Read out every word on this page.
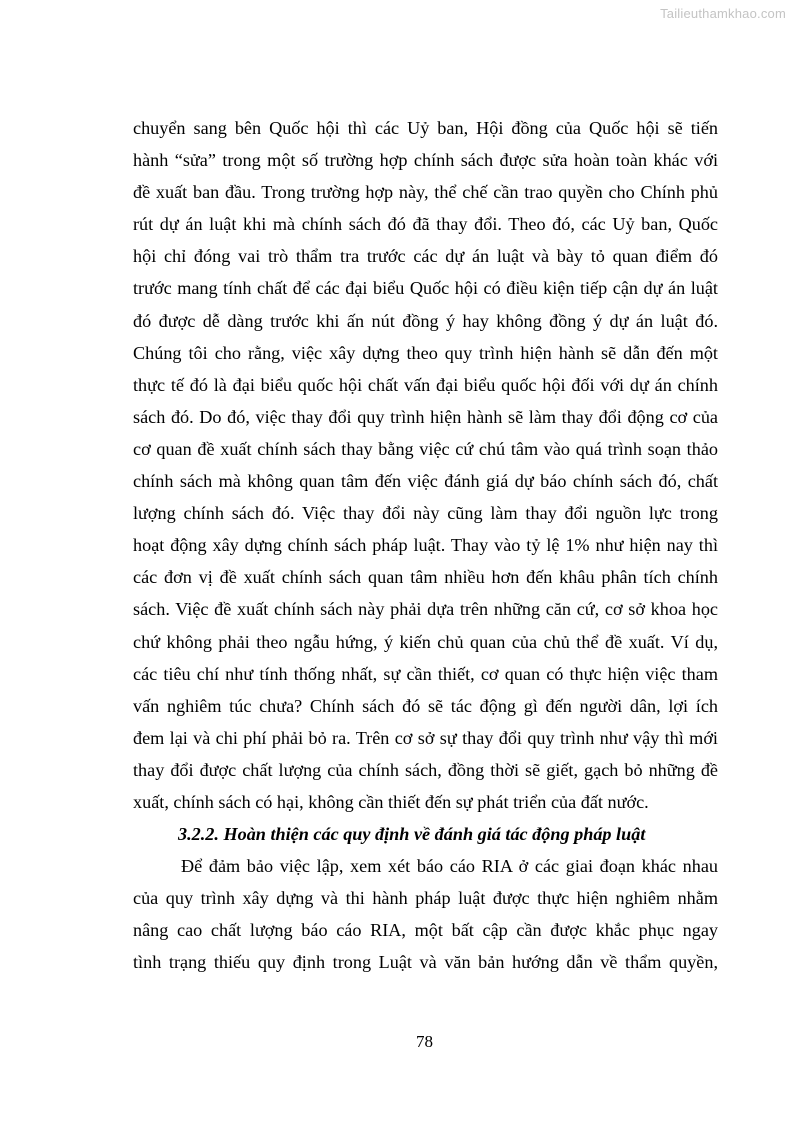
Tailieuthamkhao.com
chuyển sang bên Quốc hội thì các Uỷ ban, Hội đồng của Quốc hội sẽ tiến
hành “sửa” trong một số trường hợp chính sách được sửa hoàn toàn khác với
đề xuất ban đầu. Trong trường hợp này, thể chế cần trao quyền cho Chính phủ
rút dự án luật khi mà chính sách đó đã thay đổi. Theo đó, các Uỷ ban, Quốc
hội chỉ đóng vai trò thẩm tra trước các dự án luật và bày tỏ quan điểm đó
trước mang tính chất để các đại biểu Quốc hội có điều kiện tiếp cận dự án luật
đó được dễ dàng trước khi ấn nút đồng ý hay không đồng ý dự án luật đó.
Chúng tôi cho rằng, việc xây dựng theo quy trình hiện hành sẽ dẫn đến một
thực tế đó là đại biểu quốc hội chất vấn đại biểu quốc hội đối với dự án chính
sách đó. Do đó, việc thay đổi quy trình hiện hành sẽ làm thay đổi động cơ của
cơ quan đề xuất chính sách thay bằng việc cứ chú tâm vào quá trình soạn thảo
chính sách mà không quan tâm đến việc đánh giá dự báo chính sách đó, chất
lượng chính sách đó. Việc thay đổi này cũng làm thay đổi nguồn lực trong
hoạt động xây dựng chính sách pháp luật. Thay vào tỷ lệ 1% như hiện nay thì
các đơn vị đề xuất chính sách quan tâm nhiều hơn đến khâu phân tích chính
sách. Việc đề xuất chính sách này phải dựa trên những căn cứ, cơ sở khoa học
chứ không phải theo ngẫu hứng, ý kiến chủ quan của chủ thể đề xuất. Ví dụ,
các tiêu chí như tính thống nhất, sự cần thiết, cơ quan có thực hiện việc tham
vấn nghiêm túc chưa? Chính sách đó sẽ tác động gì đến người dân, lợi ích
đem lại và chi phí phải bỏ ra. Trên cơ sở sự thay đổi quy trình như vậy thì mới
thay đổi được chất lượng của chính sách, đồng thời sẽ giết, gạch bỏ những đề
xuất, chính sách có hại, không cần thiết đến sự phát triển của đất nước.
3.2.2. Hoàn thiện các quy định về đánh giá tác động pháp luật
Để đảm bảo việc lập, xem xét báo cáo RIA ở các giai đoạn khác nhau
của quy trình xây dựng và thi hành pháp luật được thực hiện nghiêm nhằm
nâng cao chất lượng báo cáo RIA, một bất cập cần được khắc phục ngay
tình trạng thiếu quy định trong Luật và văn bản hướng dẫn về thẩm quyền,
78
